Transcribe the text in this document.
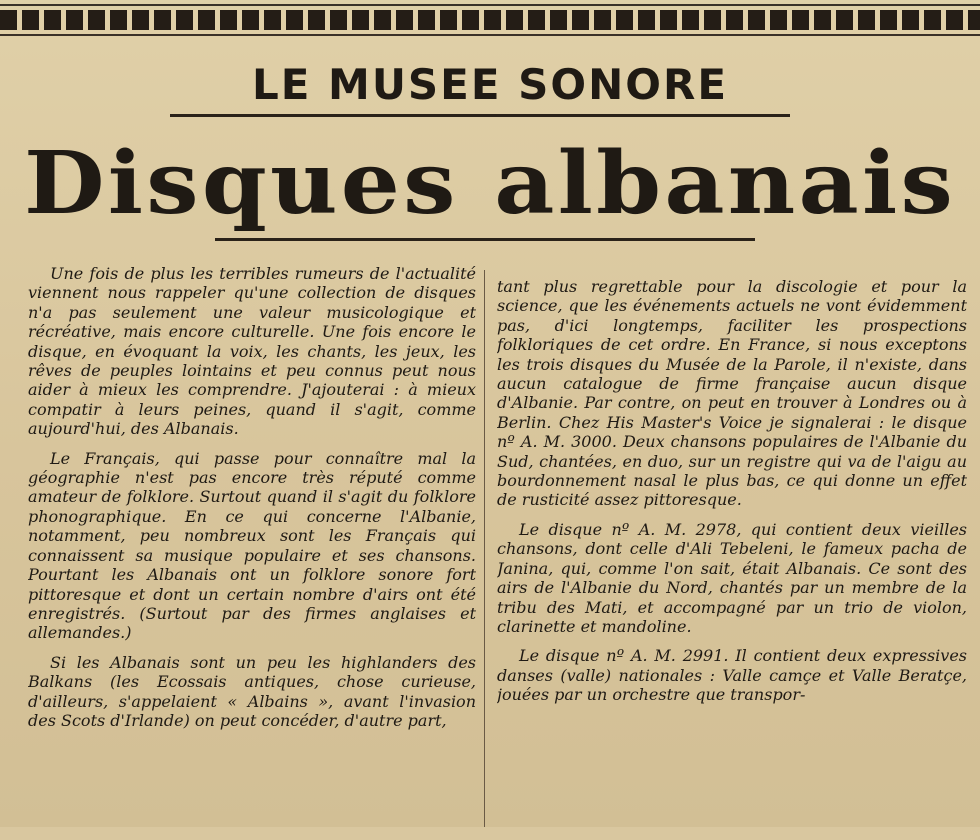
LE MUSEE SONORE
Disques albanais

Une fois de plus les terribles rumeurs de l'actualité viennent nous rappeler qu'une collection de disques n'a pas seulement une valeur musicologique et récréative, mais encore culturelle. Une fois encore le disque, en évoquant la voix, les chants, les jeux, les rêves de peuples lointains et peu connus peut nous aider à mieux les comprendre. J'ajouterai : à mieux compatir à leurs peines, quand il s'agit, comme aujourd'hui, des Albanais.

Le Français, qui passe pour connaître mal la géographie n'est pas encore très réputé comme amateur de folklore. Surtout quand il s'agit du folklore phonographique. En ce qui concerne l'Albanie, notamment, peu nombreux sont les Français qui connaissent sa musique populaire et ses chansons. Pourtant les Albanais ont un folklore sonore fort pittoresque et dont un certain nombre d'airs ont été enregistrés. (Surtout par des firmes anglaises et allemandes.)

Si les Albanais sont un peu les highlanders des Balkans (les Ecossais antiques, chose curieuse, d'ailleurs, s'appelaient « Albains », avant l'invasion des Scots d'Irlande) on peut concéder, d'autre part,

tant plus regrettable pour la discologie et pour la science, que les événements actuels ne vont évidemment pas, d'ici longtemps, faciliter les prospections folkloriques de cet ordre. En France, si nous exceptons les trois disques du Musée de la Parole, il n'existe, dans aucun catalogue de firme française aucun disque d'Albanie. Par contre, on peut en trouver à Londres ou à Berlin. Chez His Master's Voice je signalerai : le disque nº A. M. 3000. Deux chansons populaires de l'Albanie du Sud, chantées, en duo, sur un registre qui va de l'aigu au bourdonnement nasal le plus bas, ce qui donne un effet de rusticité assez pittoresque.

Le disque nº A. M. 2978, qui contient deux vieilles chansons, dont celle d'Ali Tebeleni, le fameux pacha de Janina, qui, comme l'on sait, était Albanais. Ce sont des airs de l'Albanie du Nord, chantés par un membre de la tribu des Mati, et accompagné par un trio de violon, clarinette et mandoline.

Le disque nº A. M. 2991. Il contient deux expressives danses (valle) nationales : Valle camçe et Valle Beratçe, jouées par un orchestre que transpor-
